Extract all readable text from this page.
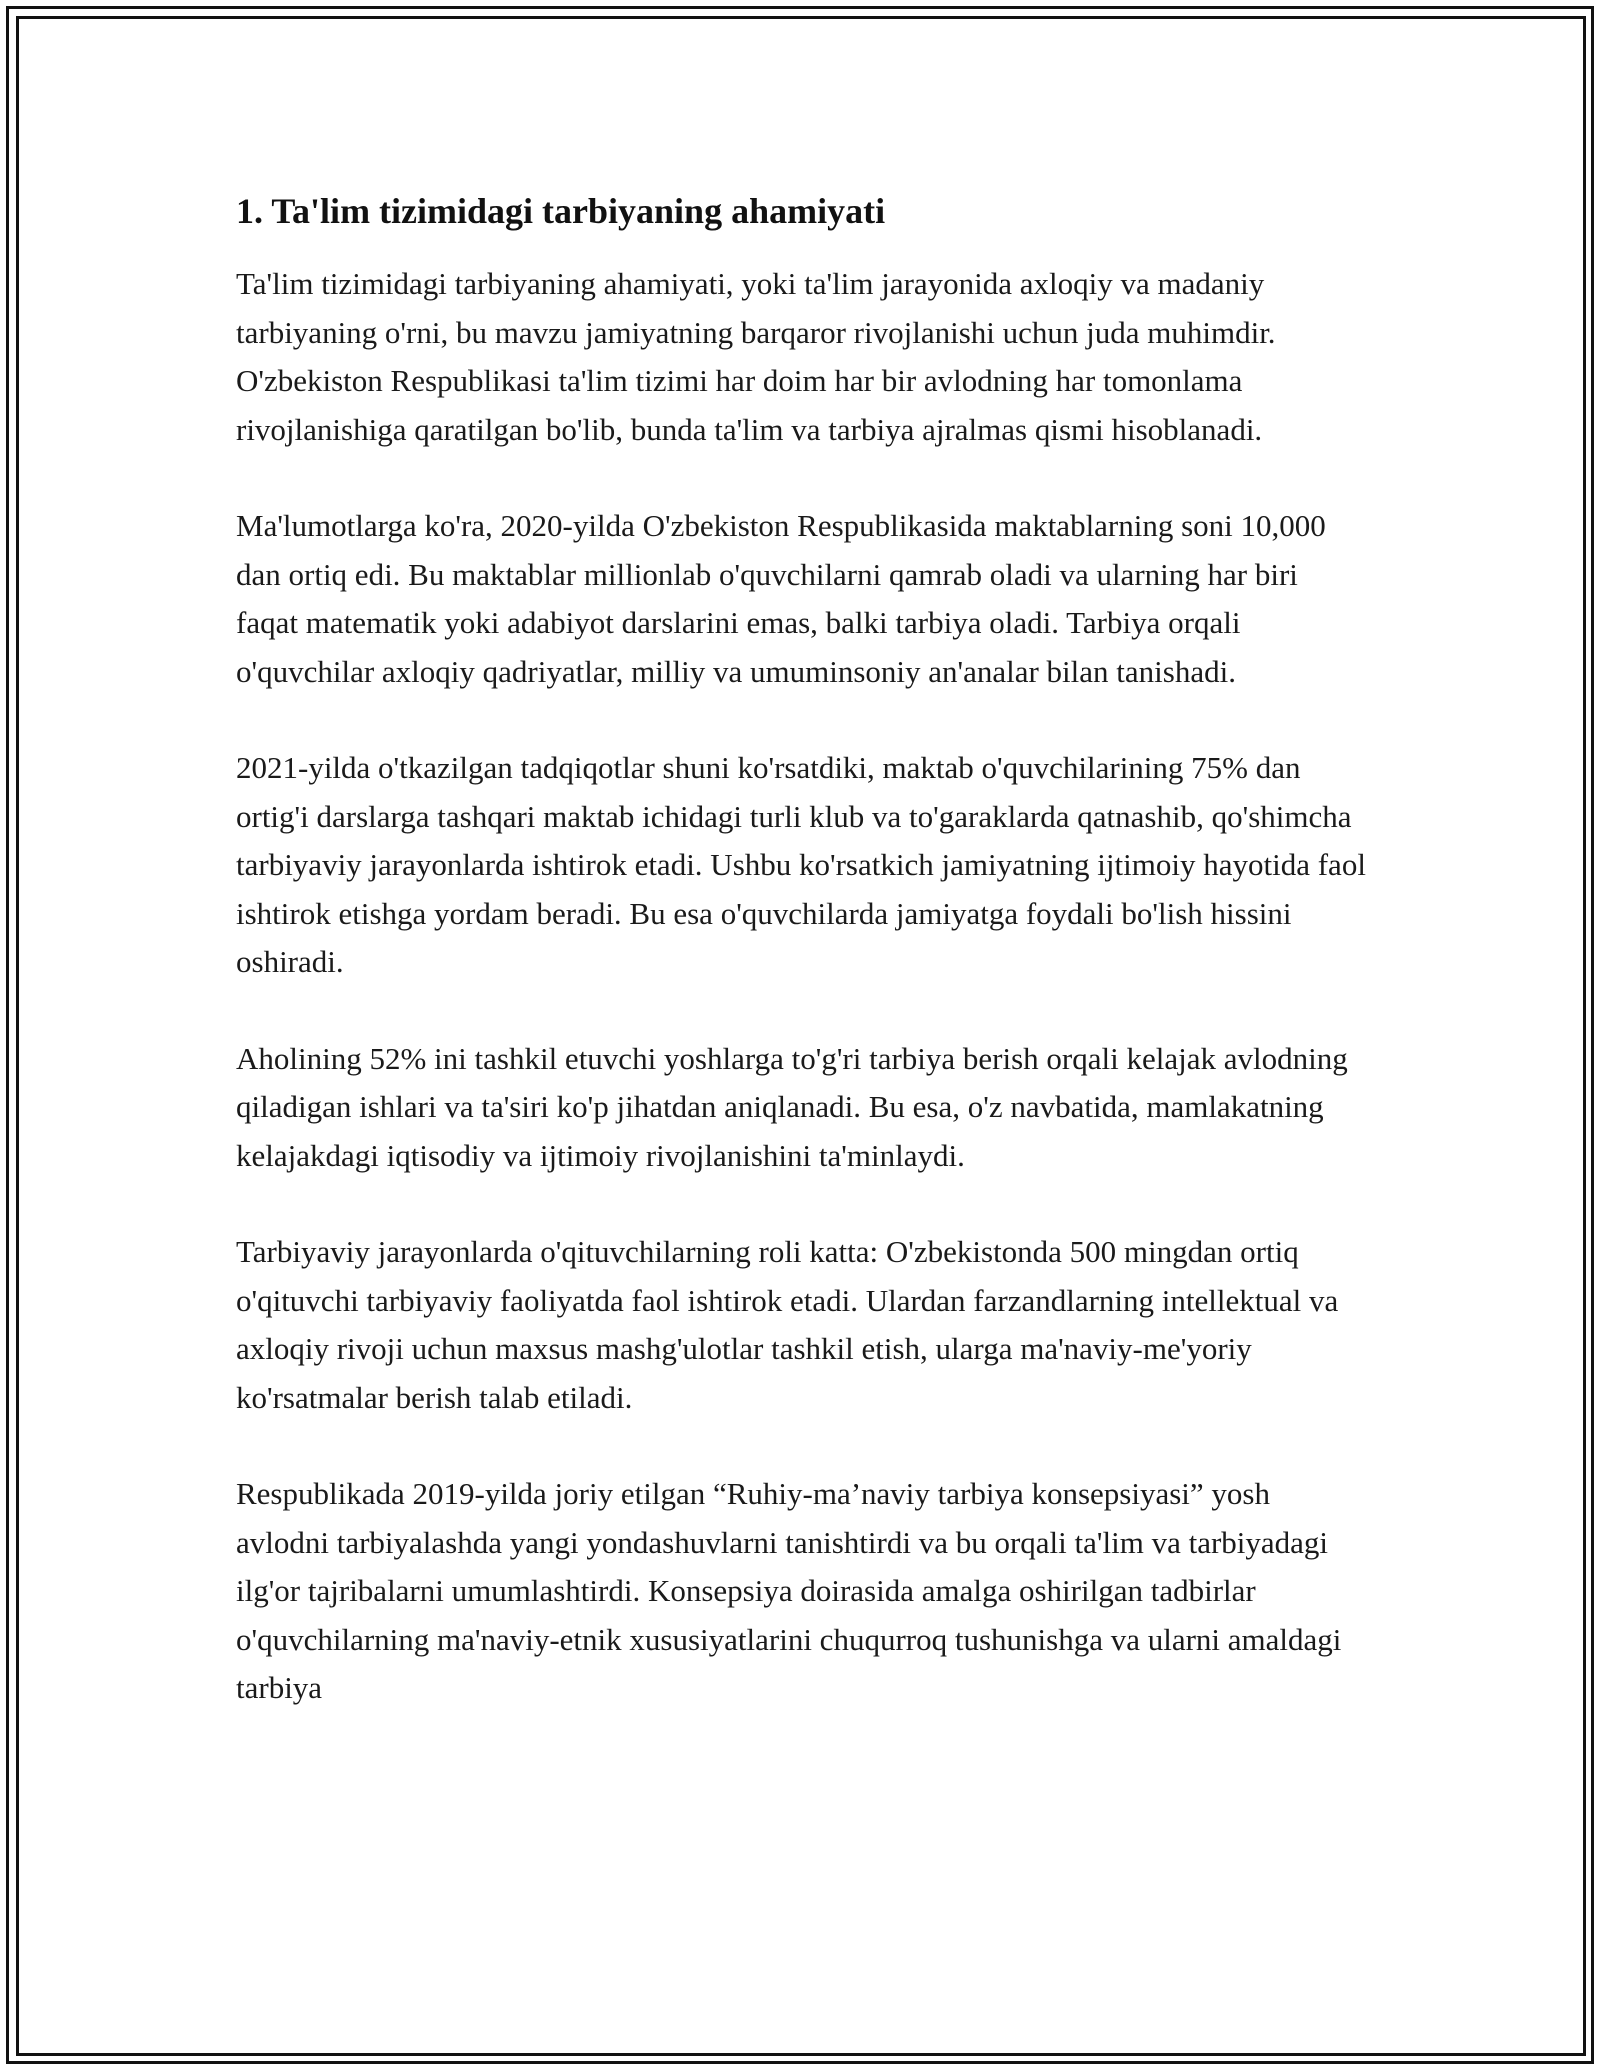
1. Ta'lim tizimidagi tarbiyaning ahamiyati

Ta'lim tizimidagi tarbiyaning ahamiyati, yoki ta'lim jarayonida axloqiy va madaniy tarbiyaning o'rni, bu mavzu jamiyatning barqaror rivojlanishi uchun juda muhimdir. O'zbekiston Respublikasi ta'lim tizimi har doim har bir avlodning har tomonlama rivojlanishiga qaratilgan bo'lib, bunda ta'lim va tarbiya ajralmas qismi hisoblanadi.

Ma'lumotlarga ko'ra, 2020-yilda O'zbekiston Respublikasida maktablarning soni 10,000 dan ortiq edi. Bu maktablar millionlab o'quvchilarni qamrab oladi va ularning har biri faqat matematik yoki adabiyot darslarini emas, balki tarbiya oladi. Tarbiya orqali o'quvchilar axloqiy qadriyatlar, milliy va umuminsoniy an'analar bilan tanishadi.

2021-yilda o'tkazilgan tadqiqotlar shuni ko'rsatdiki, maktab o'quvchilarining 75% dan ortig'i darslarga tashqari maktab ichidagi turli klub va to'garaklarda qatnashib, qo'shimcha tarbiyaviy jarayonlarda ishtirok etadi. Ushbu ko'rsatkich jamiyatning ijtimoiy hayotida faol ishtirok etishga yordam beradi. Bu esa o'quvchilarda jamiyatga foydali bo'lish hissini oshiradi.

Aholining 52% ini tashkil etuvchi yoshlarga to'g'ri tarbiya berish orqali kelajak avlodning qiladigan ishlari va ta'siri ko'p jihatdan aniqlanadi. Bu esa, o'z navbatida, mamlakatning kelajakdagi iqtisodiy va ijtimoiy rivojlanishini ta'minlaydi.

Tarbiyaviy jarayonlarda o'qituvchilarning roli katta: O'zbekistonda 500 mingdan ortiq o'qituvchi tarbiyaviy faoliyatda faol ishtirok etadi. Ulardan farzandlarning intellektual va axloqiy rivoji uchun maxsus mashg'ulotlar tashkil etish, ularga ma'naviy-me'yoriy ko'rsatmalar berish talab etiladi.

Respublikada 2019-yilda joriy etilgan “Ruhiy-ma’naviy tarbiya konsepsiyasi” yosh avlodni tarbiyalashda yangi yondashuvlarni tanishtirdi va bu orqali ta'lim va tarbiyadagi ilg'or tajribalarni umumlashtirdi. Konsepsiya doirasida amalga oshirilgan tadbirlar o'quvchilarning ma'naviy-etnik xususiyatlarini chuqurroq tushunishga va ularni amaldagi tarbiya
